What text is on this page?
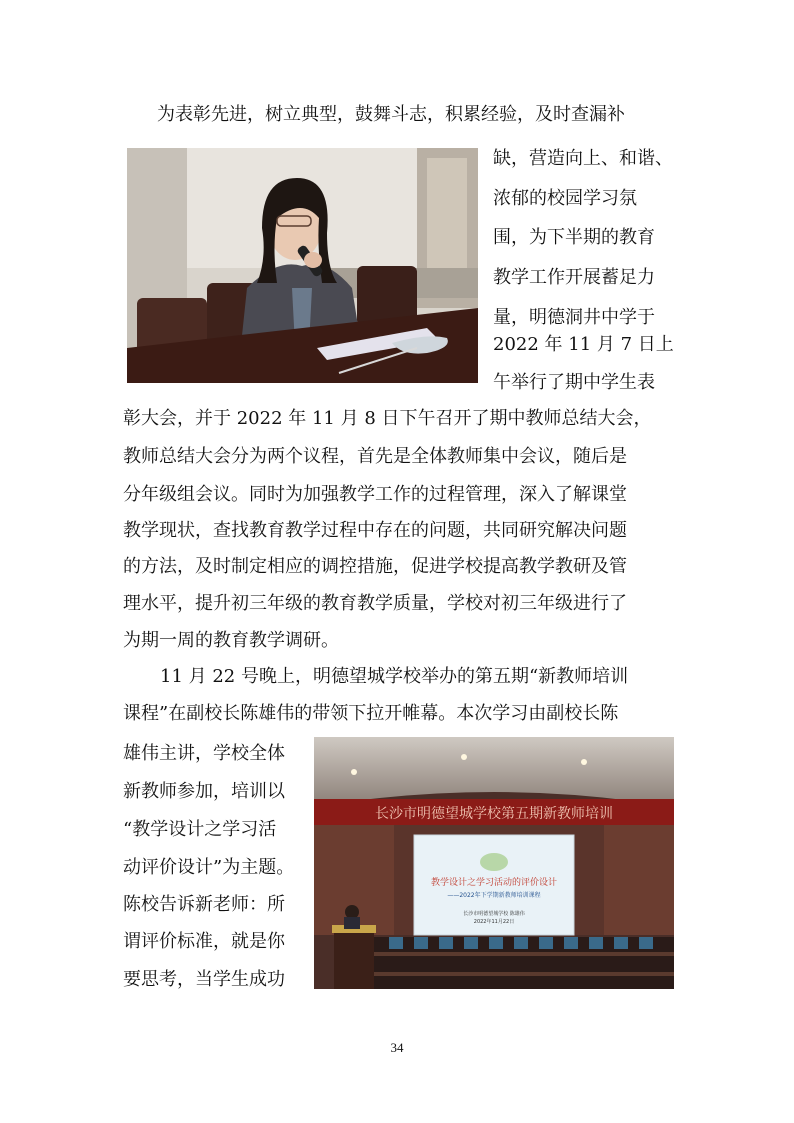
为表彰先进，树立典型，鼓舞斗志，积累经验，及时查漏补
缺，营造向上、和谐、
浓郁的校园学习氛
围，为下半期的教育
教学工作开展蓄足力
量，明德洞井中学于
2022 年 11 月 7 日上
午举行了期中学生表
彰大会，并于 2022 年 11 月 8 日下午召开了期中教师总结大会，
教师总结大会分为两个议程，首先是全体教师集中会议，随后是
分年级组会议。同时为加强教学工作的过程管理，深入了解课堂
教学现状，查找教育教学过程中存在的问题，共同研究解决问题
的方法，及时制定相应的调控措施，促进学校提高教学教研及管
理水平，提升初三年级的教育教学质量，学校对初三年级进行了
为期一周的教育教学调研。
11 月 22 号晚上，明德望城学校举办的第五期“新教师培训
课程”在副校长陈雄伟的带领下拉开帷幕。本次学习由副校长陈
雄伟主讲，学校全体
新教师参加，培训以
“教学设计之学习活
动评价设计”为主题。
陈校告诉新老师：所
谓评价标准，就是你
要思考，当学生成功
长沙市明德望城学校第五期新教师培训
教学设计之学习活动的评价设计
——2022年下学期新教师培训课程
长沙市明德望城学校 陈雄伟
2022年11月22日
34
